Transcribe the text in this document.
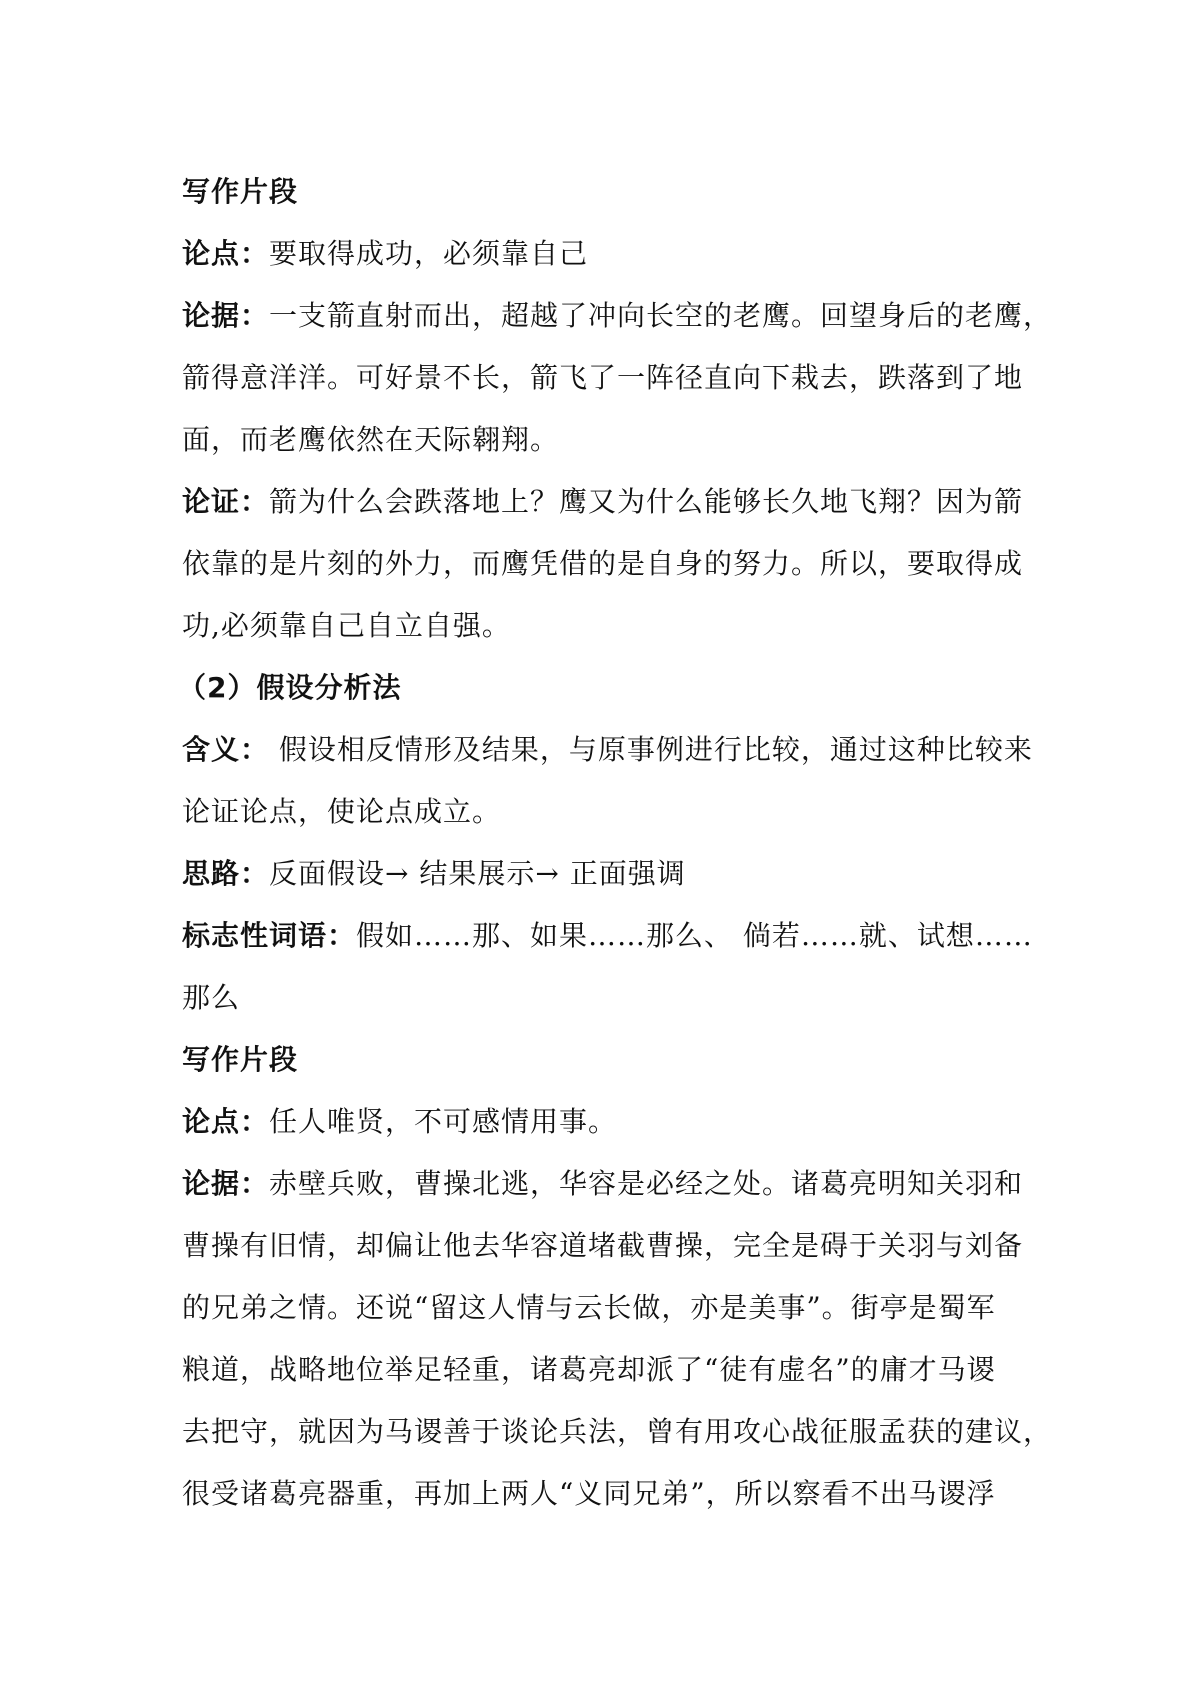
写作片段
论点：要取得成功，必须靠自己
论据：一支箭直射而出，超越了冲向长空的老鹰。回望身后的老鹰，
箭得意洋洋。可好景不长，箭飞了一阵径直向下栽去，跌落到了地
面，而老鹰依然在天际翱翔。
论证：箭为什么会跌落地上？鹰又为什么能够长久地飞翔？因为箭
依靠的是片刻的外力，而鹰凭借的是自身的努力。所以，要取得成
功,必须靠自己自立自强。
（2）假设分析法
含义： 假设相反情形及结果，与原事例进行比较，通过这种比较来
论证论点，使论点成立。
思路：反面假设→ 结果展示→ 正面强调
标志性词语：假如……那、如果……那么、 倘若……就、试想……
那么
写作片段
论点：任人唯贤，不可感情用事。
论据：赤壁兵败，曹操北逃，华容是必经之处。诸葛亮明知关羽和
曹操有旧情，却偏让他去华容道堵截曹操，完全是碍于关羽与刘备
的兄弟之情。还说“留这人情与云长做，亦是美事”。街亭是蜀军
粮道，战略地位举足轻重，诸葛亮却派了“徒有虚名”的庸才马谡
去把守，就因为马谡善于谈论兵法，曾有用攻心战征服孟获的建议，
很受诸葛亮器重，再加上两人“义同兄弟”，所以察看不出马谡浮
